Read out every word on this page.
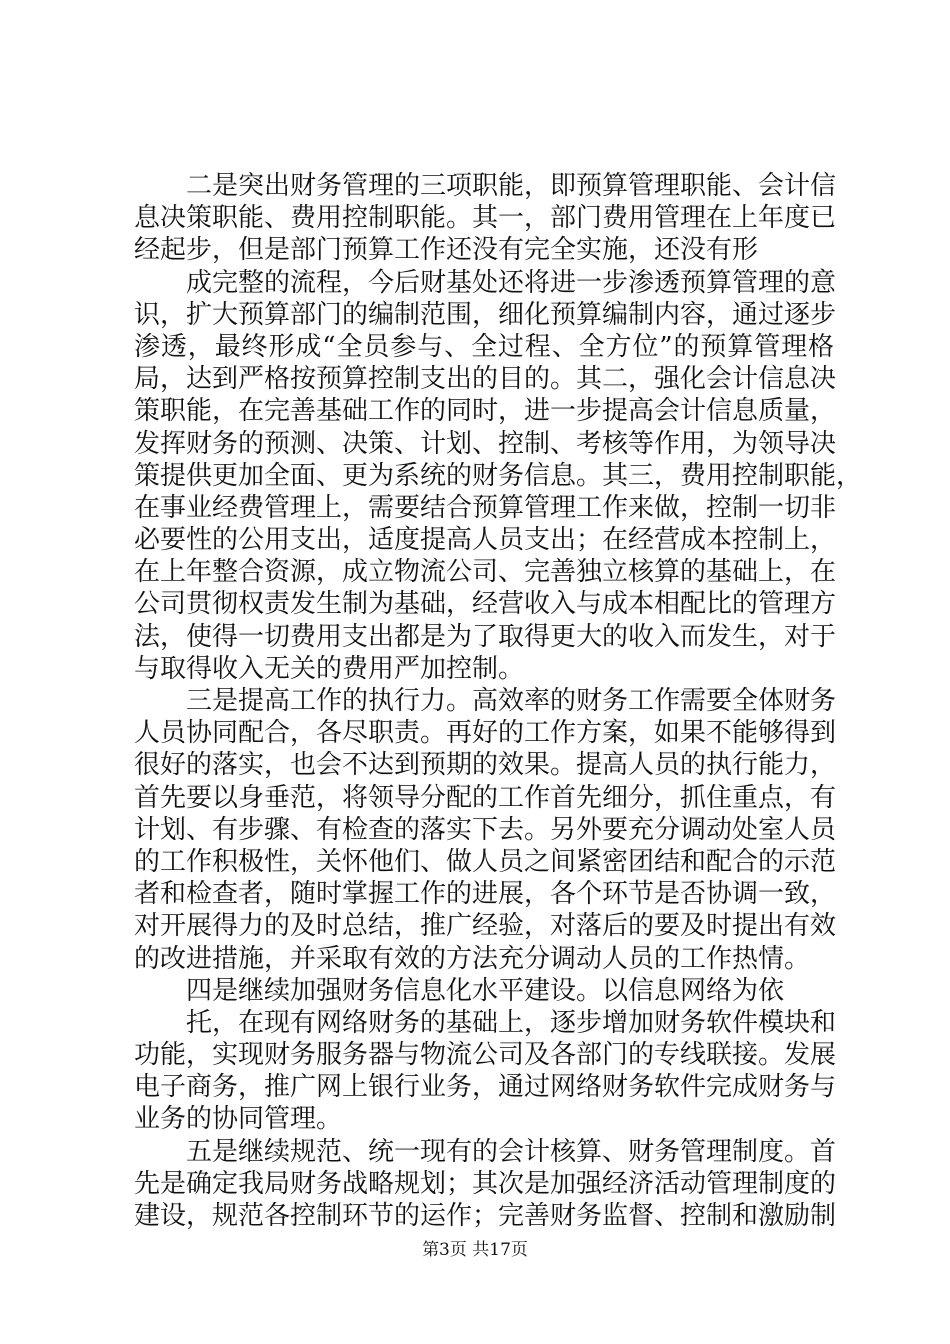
二是突出财务管理的三项职能，即预算管理职能、会计信
息决策职能、费用控制职能。其一，部门费用管理在上年度已
经起步，但是部门预算工作还没有完全实施，还没有形
成完整的流程，今后财基处还将进一步渗透预算管理的意
识，扩大预算部门的编制范围，细化预算编制内容，通过逐步
渗透，最终形成“全员参与、全过程、全方位”的预算管理格
局，达到严格按预算控制支出的目的。其二，强化会计信息决
策职能，在完善基础工作的同时，进一步提高会计信息质量，
发挥财务的预测、决策、计划、控制、考核等作用，为领导决
策提供更加全面、更为系统的财务信息。其三，费用控制职能，
在事业经费管理上，需要结合预算管理工作来做，控制一切非
必要性的公用支出，适度提高人员支出；在经营成本控制上，
在上年整合资源，成立物流公司、完善独立核算的基础上，在
公司贯彻权责发生制为基础，经营收入与成本相配比的管理方
法，使得一切费用支出都是为了取得更大的收入而发生，对于
与取得收入无关的费用严加控制。
三是提高工作的执行力。高效率的财务工作需要全体财务
人员协同配合，各尽职责。再好的工作方案，如果不能够得到
很好的落实，也会不达到预期的效果。提高人员的执行能力，
首先要以身垂范，将领导分配的工作首先细分，抓住重点，有
计划、有步骤、有检查的落实下去。另外要充分调动处室人员
的工作积极性，关怀他们、做人员之间紧密团结和配合的示范
者和检查者，随时掌握工作的进展，各个环节是否协调一致，
对开展得力的及时总结，推广经验，对落后的要及时提出有效
的改进措施，并采取有效的方法充分调动人员的工作热情。
四是继续加强财务信息化水平建设。以信息网络为依
托，在现有网络财务的基础上，逐步增加财务软件模块和
功能，实现财务服务器与物流公司及各部门的专线联接。发展
电子商务，推广网上银行业务，通过网络财务软件完成财务与
业务的协同管理。
五是继续规范、统一现有的会计核算、财务管理制度。首
先是确定我局财务战略规划；其次是加强经济活动管理制度的
建设，规范各控制环节的运作；完善财务监督、控制和激励制
第3页 共17页
